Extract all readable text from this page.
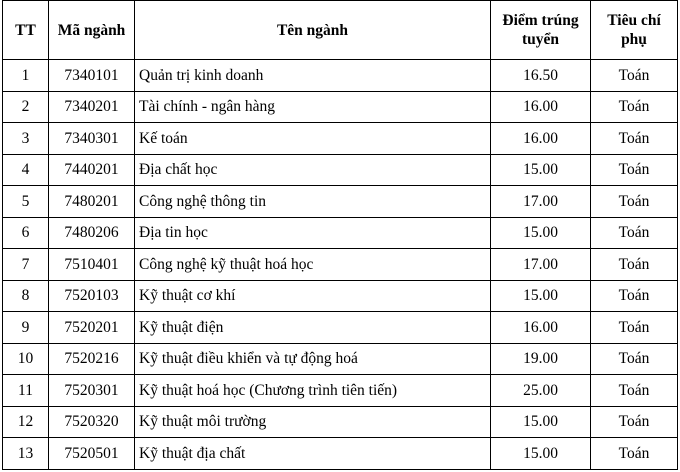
TT	Mã ngành	Tên ngành	Điểm trúng tuyển	Tiêu chí phụ
1	7340101	Quản trị kinh doanh	16.50	Toán
2	7340201	Tài chính - ngân hàng	16.00	Toán
3	7340301	Kế toán	16.00	Toán
4	7440201	Địa chất học	15.00	Toán
5	7480201	Công nghệ thông tin	17.00	Toán
6	7480206	Địa tin học	15.00	Toán
7	7510401	Công nghệ kỹ thuật hoá học	17.00	Toán
8	7520103	Kỹ thuật cơ khí	15.00	Toán
9	7520201	Kỹ thuật điện	16.00	Toán
10	7520216	Kỹ thuật điều khiển và tự động hoá	19.00	Toán
11	7520301	Kỹ thuật hoá học (Chương trình tiên tiến)	25.00	Toán
12	7520320	Kỹ thuật môi trường	15.00	Toán
13	7520501	Kỹ thuật địa chất	15.00	Toán
